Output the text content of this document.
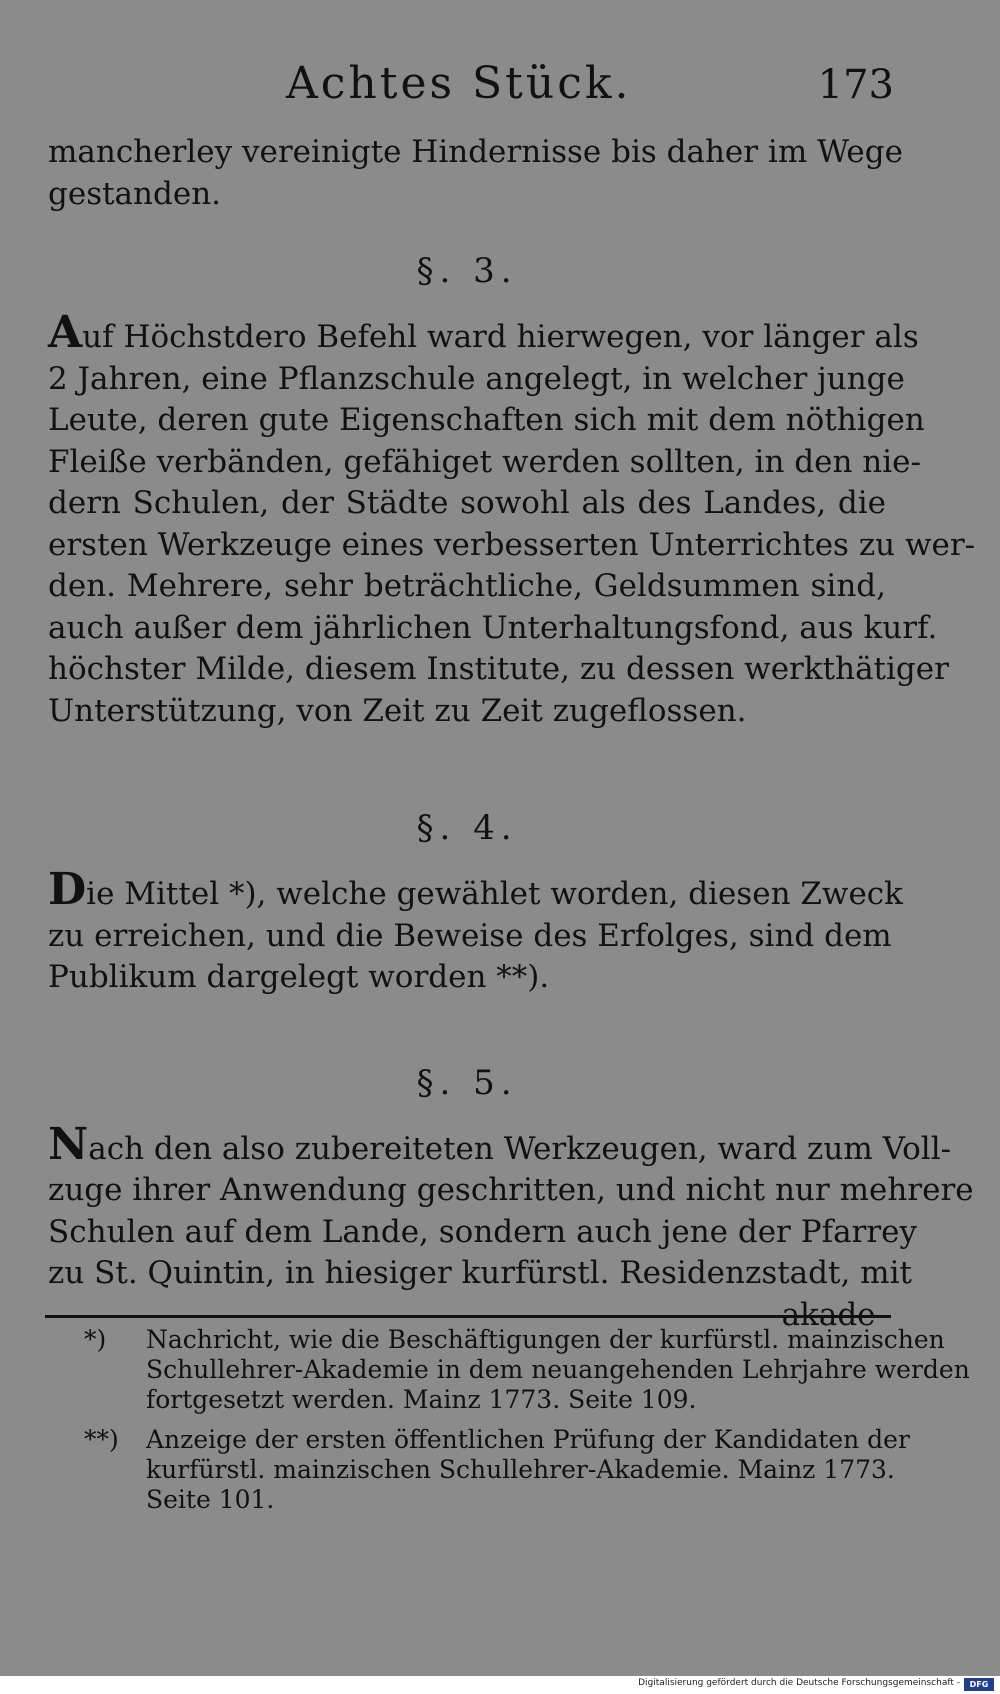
Achtes Stück.	173
mancherley vereinigte Hindernisse bis daher im Wege
gestanden.
§. 3.
Auf Höchstdero Befehl ward hierwegen, vor länger als
2 Jahren, eine Pflanzschule angelegt, in welcher junge
Leute, deren gute Eigenschaften sich mit dem nöthigen
Fleiße verbänden, gefähiget werden sollten, in den nie-
dern Schulen, der Städte sowohl als des Landes, die
ersten Werkzeuge eines verbesserten Unterrichtes zu wer-
den. Mehrere, sehr beträchtliche, Geldsummen sind,
auch außer dem jährlichen Unterhaltungsfond, aus kurf.
höchster Milde, diesem Institute, zu dessen werkthätiger
Unterstützung, von Zeit zu Zeit zugeflossen.
§. 4.
Die Mittel *), welche gewählet worden, diesen Zweck
zu erreichen, und die Beweise des Erfolges, sind dem
Publikum dargelegt worden **).
§. 5.
Nach den also zubereiteten Werkzeugen, ward zum Voll-
zuge ihrer Anwendung geschritten, und nicht nur mehrere
Schulen auf dem Lande, sondern auch jene der Pfarrey
zu St. Quintin, in hiesiger kurfürstl. Residenzstadt, mit
akade-
*) Nachricht, wie die Beschäftigungen der kurfürstl. mainzischen
Schullehrer-Akademie in dem neuangehenden Lehrjahre werden
fortgesetzt werden. Mainz 1773. Seite 109.
**) Anzeige der ersten öffentlichen Prüfung der Kandidaten der
kurfürstl. mainzischen Schullehrer-Akademie. Mainz 1773.
Seite 101.
Digitalisierung gefördert durch die Deutsche Forschungsgemeinschaft -	DFG
